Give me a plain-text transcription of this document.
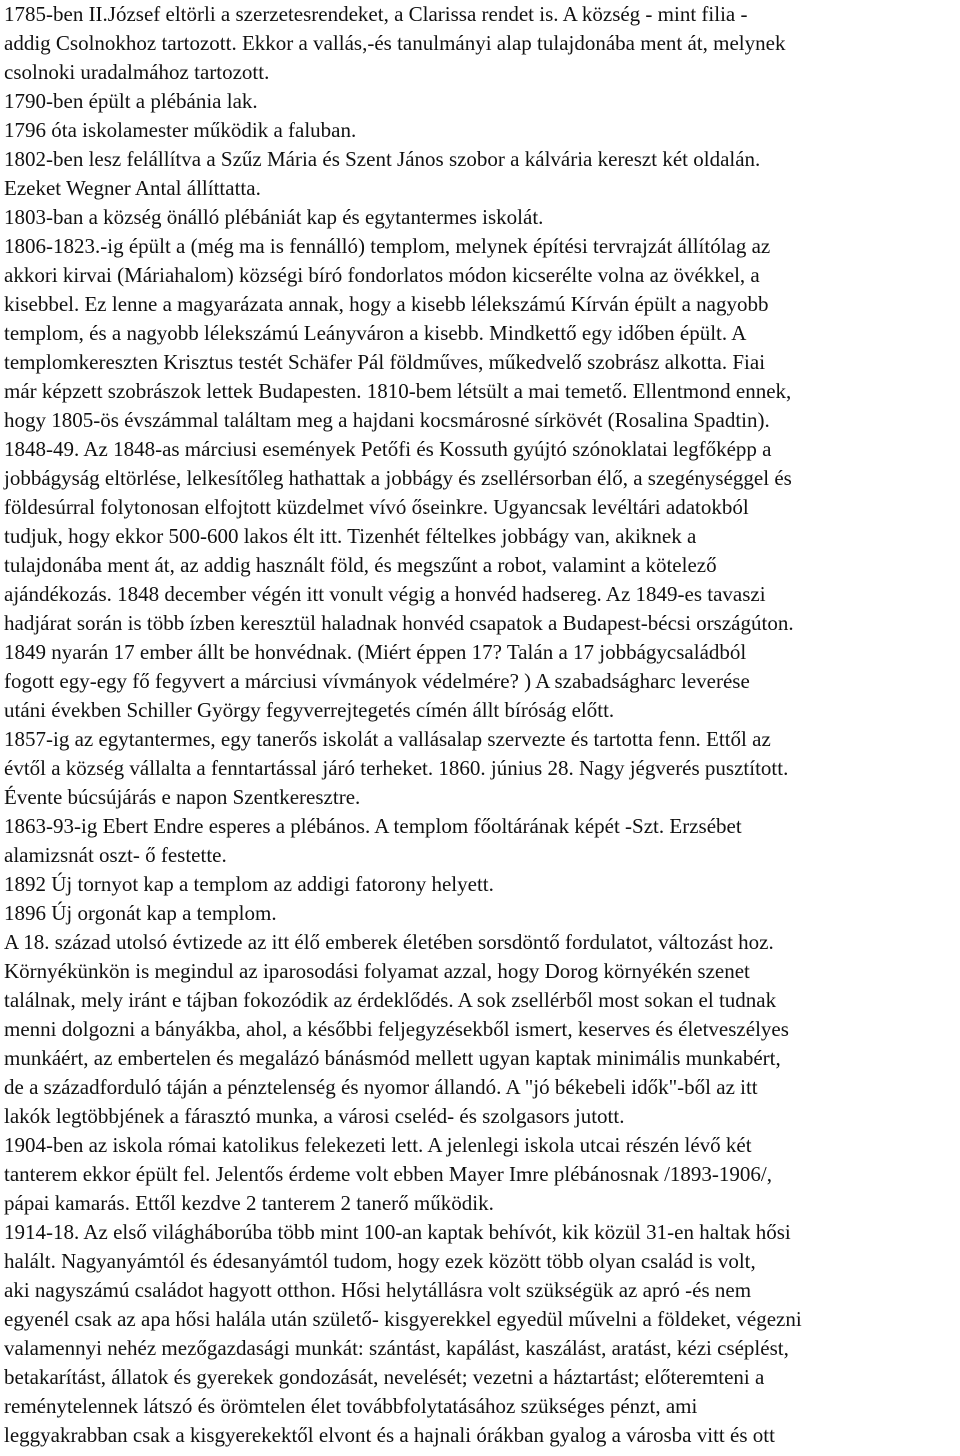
1785-ben II.József eltörli a szerzetesrendeket, a Clarissa rendet is. A község - mint filia -

addig Csolnokhoz tartozott. Ekkor a vallás,-és tanulmányi alap tulajdonába ment át, melynek

csolnoki uradalmához tartozott.

1790-ben épült a plébánia lak.

1796 óta iskolamester működik a faluban.

1802-ben lesz felállítva a Szűz Mária és Szent János szobor a kálvária kereszt két oldalán.

Ezeket Wegner Antal állíttatta.

1803-ban a község önálló plébániát kap és egytantermes iskolát.

1806-1823.-ig épült a (még ma is fennálló) templom, melynek építési tervrajzát állítólag az

akkori kirvai (Máriahalom) községi bíró fondorlatos módon kicserélte volna az övékkel, a

kisebbel. Ez lenne a magyarázata annak, hogy a kisebb lélekszámú Kírván épült a nagyobb

templom, és a nagyobb lélekszámú Leányváron a kisebb. Mindkettő egy időben épült. A

templomkereszten Krisztus testét Schäfer Pál földműves, műkedvelő szobrász alkotta. Fiai

már képzett szobrászok lettek Budapesten. 1810-bem létsült a mai temető. Ellentmond ennek,

hogy 1805-ös évszámmal találtam meg a hajdani kocsmárosné sírkövét (Rosalina Spadtin).

1848-49. Az 1848-as márciusi események Petőfi és Kossuth gyújtó szónoklatai legfőképp a

jobbágyság eltörlése, lelkesítőleg hathattak a jobbágy és zsellérsorban élő, a szegénységgel és

földesúrral folytonosan elfojtott küzdelmet vívó őseinkre. Ugyancsak levéltári adatokból

tudjuk, hogy ekkor 500-600 lakos élt itt. Tizenhét féltelkes jobbágy van, akiknek a

tulajdonába ment át, az addig használt föld, és megszűnt a robot, valamint a kötelező

ajándékozás. 1848 december végén itt vonult végig a honvéd hadsereg. Az 1849-es tavaszi

hadjárat során is több ízben keresztül haladnak honvéd csapatok a Budapest-bécsi országúton.

1849 nyarán 17 ember állt be honvédnak. (Miért éppen 17? Talán a 17 jobbágycsaládból

fogott egy-egy fő fegyvert a márciusi vívmányok védelmére? ) A szabadságharc leverése

utáni években Schiller György fegyverrejtegetés címén állt bíróság előtt.

1857-ig az egytantermes, egy tanerős iskolát a vallásalap szervezte és tartotta fenn. Ettől az

évtől a község vállalta a fenntartással járó terheket. 1860. június 28. Nagy jégverés pusztított.

Évente búcsújárás e napon Szentkeresztre.

1863-93-ig Ebert Endre esperes a plébános. A templom főoltárának képét -Szt. Erzsébet

alamizsnát oszt- ő festette.

1892 Új tornyot kap a templom az addigi fatorony helyett.

1896 Új orgonát kap a templom.

A 18. század utolsó évtizede az itt élő emberek életében sorsdöntő fordulatot, változást hoz.

Környékünkön is megindul az iparosodási folyamat azzal, hogy Dorog környékén szenet

találnak, mely iránt e tájban fokozódik az érdeklődés. A sok zsellérből most sokan el tudnak

menni dolgozni a bányákba, ahol, a későbbi feljegyzésekből ismert, keserves és életveszélyes

munkáért, az embertelen és megalázó bánásmód mellett ugyan kaptak minimális munkabért,

de a századforduló táján a pénztelenség és nyomor állandó. A "jó békebeli idők"-ből az itt

lakók legtöbbjének a fárasztó munka, a városi cseléd- és szolgasors jutott.

1904-ben az iskola római katolikus felekezeti lett. A jelenlegi iskola utcai részén lévő két

tanterem ekkor épült fel. Jelentős érdeme volt ebben Mayer Imre plébánosnak /1893-1906/,

pápai kamarás. Ettől kezdve 2 tanterem 2 tanerő működik.

1914-18. Az első világháborúba több mint 100-an kaptak behívót, kik közül 31-en haltak hősi

halált. Nagyanyámtól és édesanyámtól tudom, hogy ezek között több olyan család is volt,

aki nagyszámú családot hagyott otthon. Hősi helytállásra volt szükségük az apró -és nem

egyenél csak az apa hősi halála után születő- kisgyerekkel egyedül művelni a földeket, végezni

valamennyi nehéz mezőgazdasági munkát: szántást, kapálást, kaszálást, aratást, kézi cséplést,

betakarítást, állatok és gyerekek gondozását, nevelését; vezetni a háztartást; előteremteni a

reménytelennek látszó és örömtelen élet továbbfolytatásához szükséges pénzt, ami

leggyakrabban csak a kisgyerekektől elvont és a hajnali órákban gyalog a városba vitt és ott
